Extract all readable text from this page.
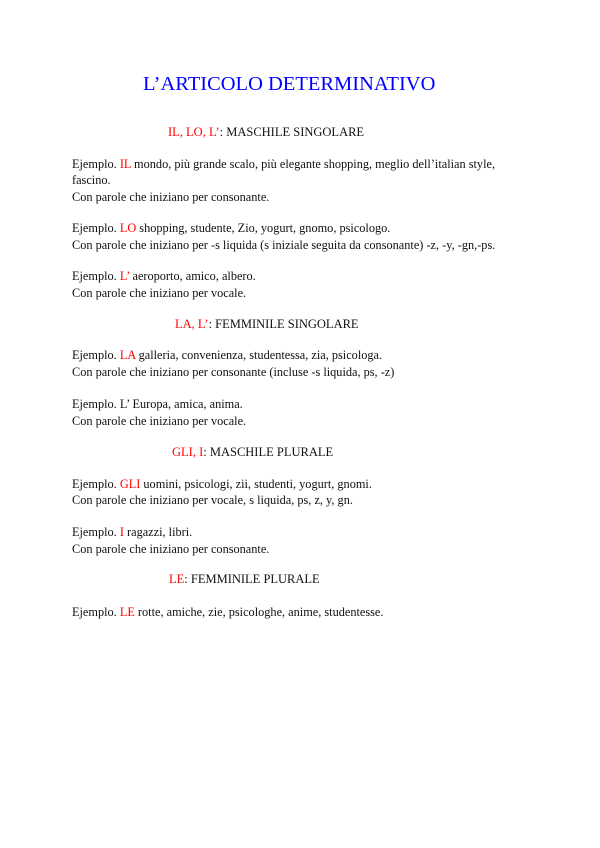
L’ARTICOLO DETERMINATIVO
IL, LO, L’: MASCHILE SINGOLARE
Ejemplo. IL mondo, più grande scalo, più elegante shopping, meglio dell’italian style,
fascino.
Con parole che iniziano per consonante.
Ejemplo. LO shopping, studente, Zio, yogurt, gnomo, psicologo.
Con parole che iniziano per -s liquida (s iniziale seguita da consonante) -z, -y, -gn,-ps.
Ejemplo. L’ aeroporto, amico, albero.
Con parole che iniziano per vocale.
LA, L’: FEMMINILE SINGOLARE
Ejemplo. LA galleria, convenienza, studentessa, zia, psicologa.
Con parole che iniziano per consonante (incluse -s liquida, ps, -z)
Ejemplo. L’ Europa, amica, anima.
Con parole che iniziano per vocale.
GLI, I: MASCHILE PLURALE
Ejemplo. GLI uomini, psicologi, zii, studenti, yogurt, gnomi.
Con parole che iniziano per vocale, s liquida, ps, z, y, gn.
Ejemplo. I ragazzi, libri.
Con parole che iniziano per consonante.
LE: FEMMINILE PLURALE
Ejemplo. LE rotte, amiche, zie, psicologhe, anime, studentesse.
